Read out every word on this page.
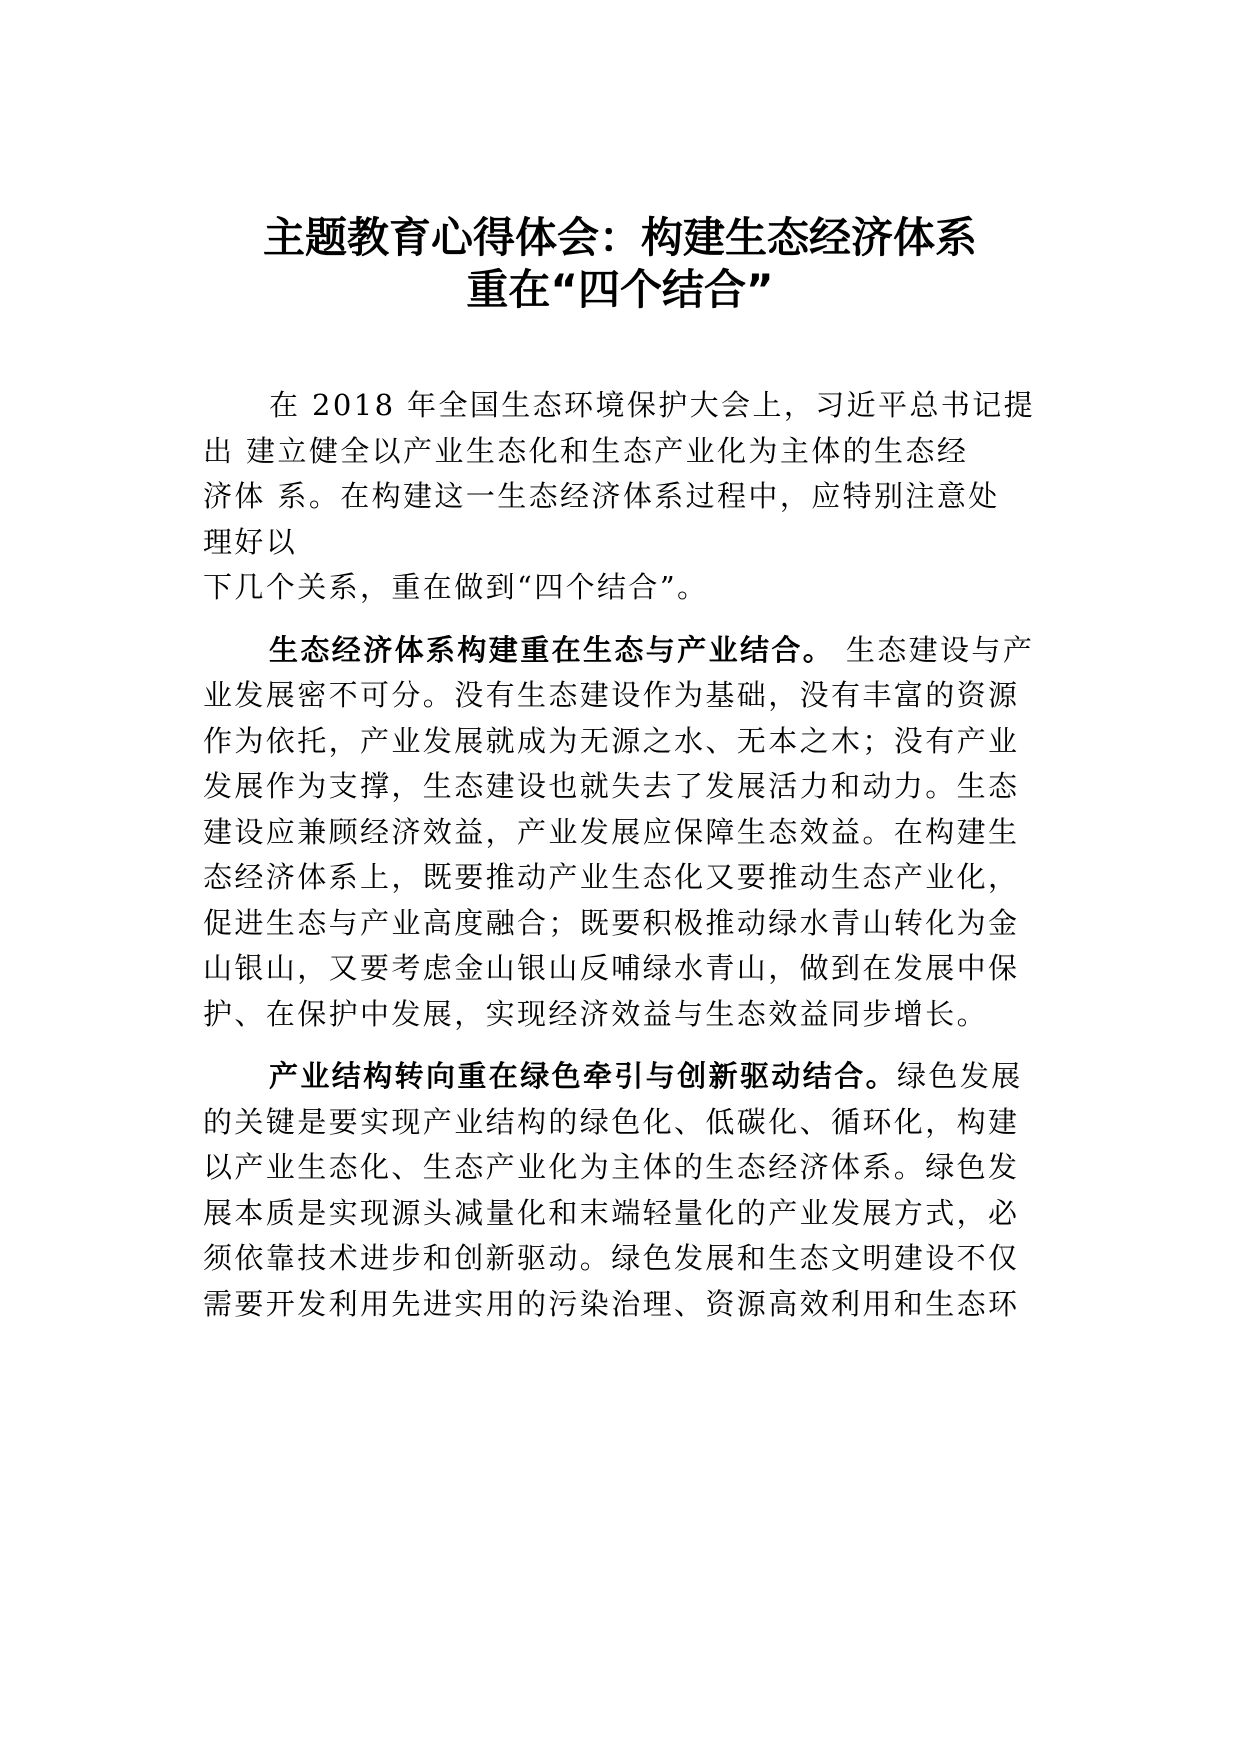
主题教育心得体会：构建生态经济体系
重在“四个结合”
在 2018 年全国生态环境保护大会上，习近平总书记提
出 建立健全以产业生态化和生态产业化为主体的生态经
济体 系。在构建这一生态经济体系过程中，应特别注意处
理好以
下几个关系，重在做到“四个结合”。
生态经济体系构建重在生态与产业结合。 生态建设与产
业发展密不可分。没有生态建设作为基础，没有丰富的资源
作为依托，产业发展就成为无源之水、无本之木；没有产业
发展作为支撑，生态建设也就失去了发展活力和动力。生态
建设应兼顾经济效益，产业发展应保障生态效益。在构建生
态经济体系上，既要推动产业生态化又要推动生态产业化，
促进生态与产业高度融合；既要积极推动绿水青山转化为金
山银山，又要考虑金山银山反哺绿水青山，做到在发展中保
护、在保护中发展，实现经济效益与生态效益同步增长。
产业结构转向重在绿色牵引与创新驱动结合。绿色发展
的关键是要实现产业结构的绿色化、低碳化、循环化，构建
以产业生态化、生态产业化为主体的生态经济体系。绿色发
展本质是实现源头减量化和末端轻量化的产业发展方式，必
须依靠技术进步和创新驱动。绿色发展和生态文明建设不仅
需要开发利用先进实用的污染治理、资源高效利用和生态环
